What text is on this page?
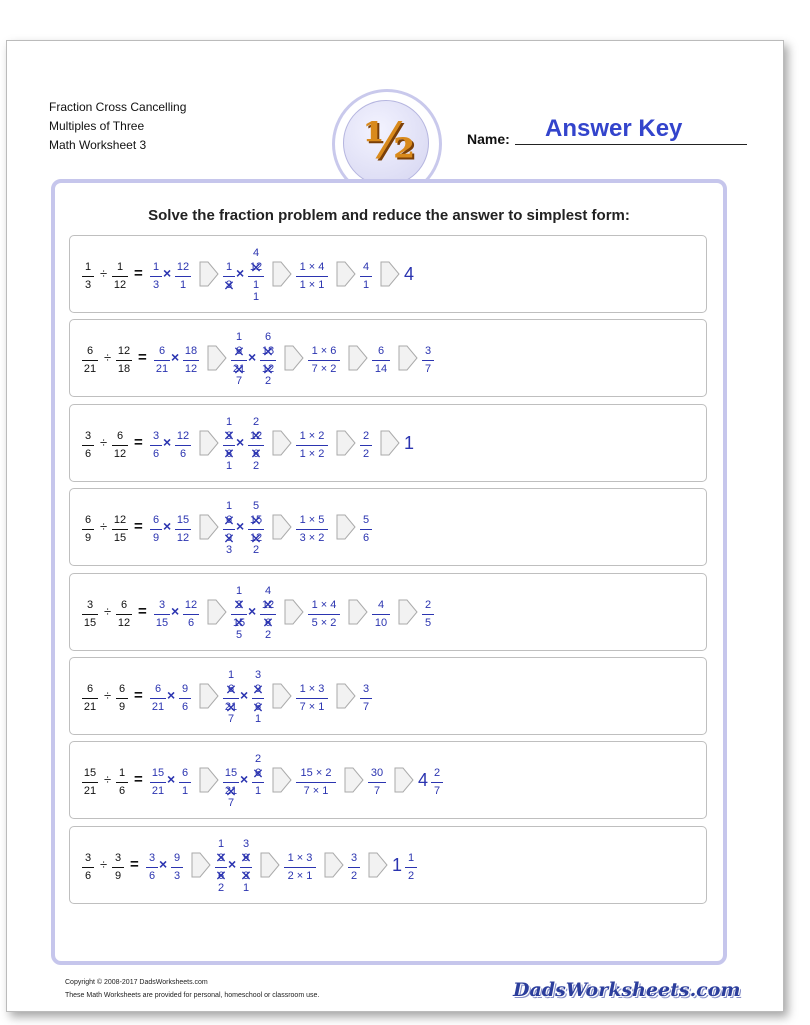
Fraction Cross Cancelling
Multiples of Three
Math Worksheet 3	½	Name: Answer Key
Solve the fraction problem and reduce the answer to simplest form:
1
3
÷ 1
12
= 1
3
× 12
1
1
3 ✕
× 12 ✕
1
4
1
1 × 4
1 × 1
4
1
4
6
21
÷ 12
18
=	6
21
× 18
12
6 ✕
21 ✕
1
7
× 18 ✕
12 ✕
6
2
1 × 6
7 × 2
6
14
3
7
3
6
÷ 6
12
= 3
6
× 12
6
3 ✕
6 ✕
1
1
× 12 ✕
6 ✕
2
2
1 × 2
1 × 2
2
2
1
6
9
÷ 12
15
= 6
9
× 15
12
6 ✕
9 ✕
1
3
× 15 ✕
12 ✕
5
2
1 × 5
3 × 2
5
6
3
15
÷ 6
12
=	3
15
× 12
6
3 ✕
15 ✕
1
5
× 12 ✕
6 ✕
4
2
1 × 4
5 × 2
4
10
2
5
6
21
÷ 6
9
=	6
21
× 9
6
6 ✕
21 ✕
1
7
× 9 ✕
6 ✕
3
1
1 × 3
7 × 1
3
7
15
21
÷ 1
6
= 15
21
× 6
1
15
21 ✕
7
× 6 ✕
1
2
15 × 2
7 × 1
30
7
4 2
7
3
6
÷ 3
9
= 3
6
× 9
3
3 ✕
6 ✕
1
2
× 9 ✕
3 ✕
3
1
1 × 3
2 × 1
3
2
1 1
2
Copyright © 2008-2017 DadsWorksheets.com
These Math Worksheets are provided for personal, homeschool or classroom use.	DadsWorksheets.com
